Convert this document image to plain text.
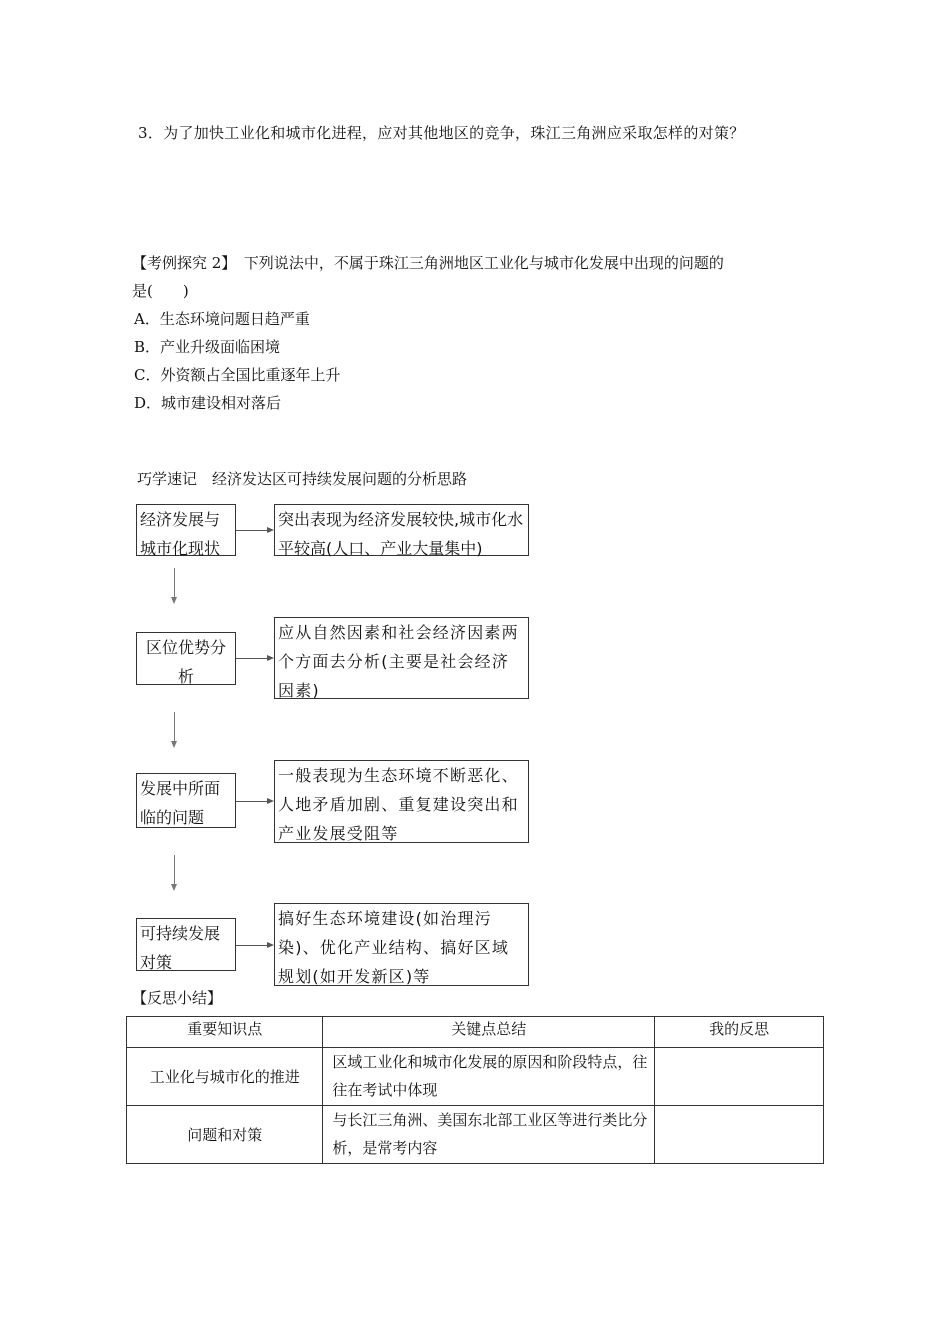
3．为了加快工业化和城市化进程，应对其他地区的竞争，珠江三角洲应采取怎样的对策？
【考例探究 2】　下列说法中，不属于珠江三角洲地区工业化与城市化发展中出现的问题的
是(　　)
A．生态环境问题日趋严重
B．产业升级面临困境
C．外资额占全国比重逐年上升
D．城市建设相对落后
巧学速记　经济发达区可持续发展问题的分析思路
经济发展与城市化现状
突出表现为经济发展较快,城市化水平较高(人口、产业大量集中)
区位优势分析
应从自然因素和社会经济因素两个方面去分析(主要是社会经济因素)
发展中所面临的问题
一般表现为生态环境不断恶化、人地矛盾加剧、重复建设突出和产业发展受阻等
可持续发展对策
搞好生态环境建设(如治理污染)、优化产业结构、搞好区域规划(如开发新区)等
【反思小结】
重要知识点	关键点总结	我的反思
工业化与城市化的推进	区域工业化和城市化发展的原因和阶段特点，往往在考试中体现	
问题和对策	与长江三角洲、美国东北部工业区等进行类比分析，是常考内容	
